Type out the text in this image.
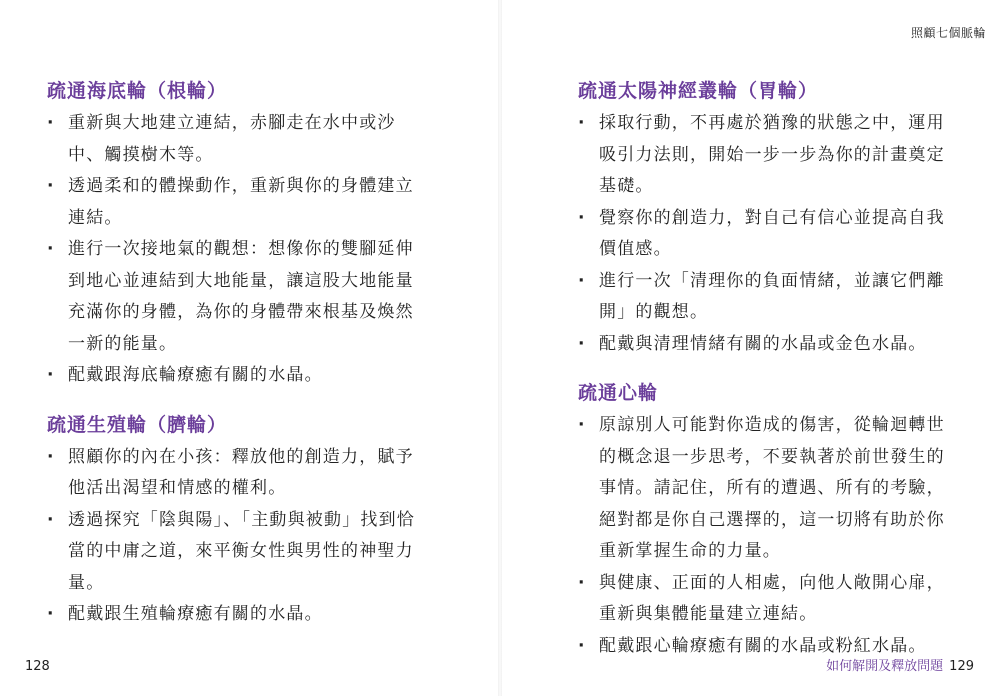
疏通海底輪（根輪）
· 重新與大地建立連結，赤腳走在水中或沙中、觸摸樹木等。
· 透過柔和的體操動作，重新與你的身體建立連結。
· 進行一次接地氣的觀想：想像你的雙腳延伸到地心並連結到大地能量，讓這股大地能量充滿你的身體，為你的身體帶來根基及煥然一新的能量。
· 配戴跟海底輪療癒有關的水晶。
疏通生殖輪（臍輪）
· 照顧你的內在小孩：釋放他的創造力，賦予他活出渴望和情感的權利。
· 透過探究「陰與陽」、「主動與被動」找到恰當的中庸之道，來平衡女性與男性的神聖力量。
· 配戴跟生殖輪療癒有關的水晶。
128
照顧七個脈輪
疏通太陽神經叢輪（胃輪）
· 採取行動，不再處於猶豫的狀態之中，運用吸引力法則，開始一步一步為你的計畫奠定基礎。
· 覺察你的創造力，對自己有信心並提高自我價值感。
· 進行一次「清理你的負面情緒，並讓它們離開」的觀想。
· 配戴與清理情緒有關的水晶或金色水晶。
疏通心輪
· 原諒別人可能對你造成的傷害，從輪迴轉世的概念退一步思考，不要執著於前世發生的事情。請記住，所有的遭遇、所有的考驗，絕對都是你自己選擇的，這一切將有助於你重新掌握生命的力量。
· 與健康、正面的人相處，向他人敞開心扉，重新與集體能量建立連結。
· 配戴跟心輪療癒有關的水晶或粉紅水晶。
如何解開及釋放問題 129
